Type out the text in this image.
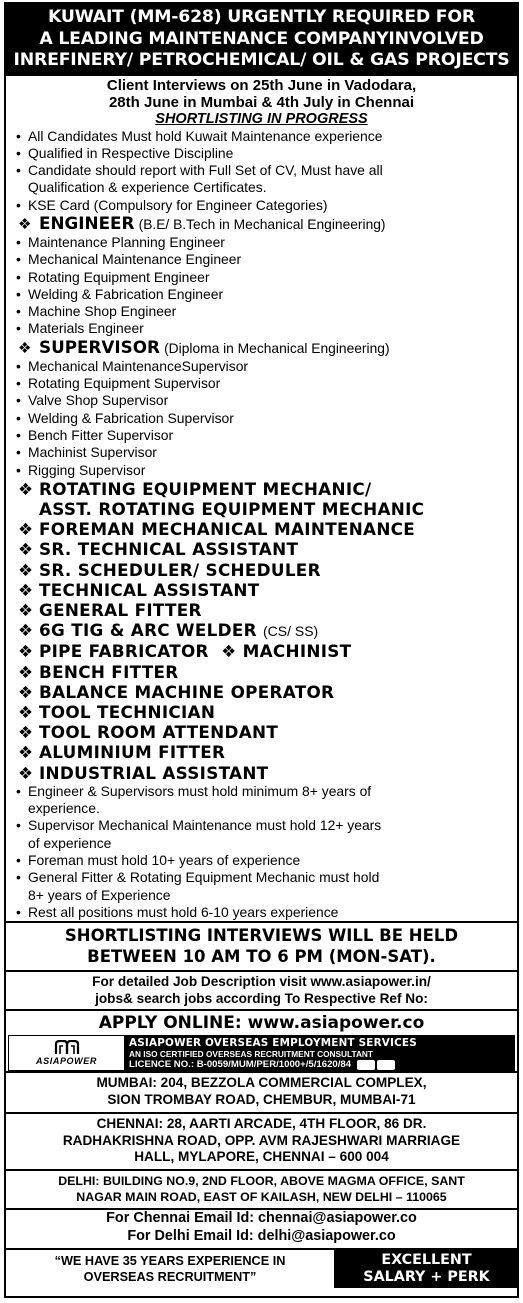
KUWAIT (MM-628) URGENTLY REQUIRED FOR
A LEADING MAINTENANCE COMPANYINVOLVED
INREFINERY/ PETROCHEMICAL/ OIL & GAS PROJECTS
Client Interviews on 25th June in Vadodara,
28th June in Mumbai & 4th July in Chennai
SHORTLISTING IN PROGRESS
• All Candidates Must hold Kuwait Maintenance experience
• Qualified in Respective Discipline
• Candidate should report with Full Set of CV, Must have all
Qualification & experience Certificates.
• KSE Card (Compulsory for Engineer Categories)
❖ ENGINEER (B.E/ B.Tech in Mechanical Engineering)
• Maintenance Planning Engineer
• Mechanical Maintenance Engineer
• Rotating Equipment Engineer
• Welding & Fabrication Engineer
• Machine Shop Engineer
• Materials Engineer
❖ SUPERVISOR (Diploma in Mechanical Engineering)
• Mechanical MaintenanceSupervisor
• Rotating Equipment Supervisor
• Valve Shop Supervisor
• Welding & Fabrication Supervisor
• Bench Fitter Supervisor
• Machinist Supervisor
• Rigging Supervisor
❖ ROTATING EQUIPMENT MECHANIC/
ASST. ROTATING EQUIPMENT MECHANIC
❖ FOREMAN MECHANICAL MAINTENANCE
❖ SR. TECHNICAL ASSISTANT
❖ SR. SCHEDULER/ SCHEDULER
❖ TECHNICAL ASSISTANT
❖ GENERAL FITTER
❖ 6G TIG & ARC WELDER (CS/ SS)
❖ PIPE FABRICATOR ❖ MACHINIST
❖ BENCH FITTER
❖ BALANCE MACHINE OPERATOR
❖ TOOL TECHNICIAN
❖ TOOL ROOM ATTENDANT
❖ ALUMINIUM FITTER
❖ INDUSTRIAL ASSISTANT
• Engineer & Supervisors must hold minimum 8+ years of
experience.
• Supervisor Mechanical Maintenance must hold 12+ years
of experience
• Foreman must hold 10+ years of experience
• General Fitter & Rotating Equipment Mechanic must hold
8+ years of Experience
• Rest all positions must hold 6-10 years experience
SHORTLISTING INTERVIEWS WILL BE HELD
BETWEEN 10 AM TO 6 PM (MON-SAT).
For detailed Job Description visit www.asiapower.in/
jobs& search jobs according To Respective Ref No:
APPLY ONLINE: www.asiapower.co
ASIAPOWER
ASIAPOWER OVERSEAS EMPLOYMENT SERVICES
AN ISO CERTIFIED OVERSEAS RECRUITMENT CONSULTANT
LICENCE NO.: B-0059/MUM/PER/1000+/5/1620/84
MUMBAI: 204, BEZZOLA COMMERCIAL COMPLEX,
SION TROMBAY ROAD, CHEMBUR, MUMBAI-71
CHENNAI: 28, AARTI ARCADE, 4TH FLOOR, 86 DR.
RADHAKRISHNA ROAD, OPP. AVM RAJESHWARI MARRIAGE
HALL, MYLAPORE, CHENNAI – 600 004
DELHI: BUILDING NO.9, 2ND FLOOR, ABOVE MAGMA OFFICE, SANT
NAGAR MAIN ROAD, EAST OF KAILASH, NEW DELHI – 110065
For Chennai Email Id: chennai@asiapower.co
For Delhi Email Id: delhi@asiapower.co
“WE HAVE 35 YEARS EXPERIENCE IN
OVERSEAS RECRUITMENT”
EXCELLENT
SALARY + PERK
